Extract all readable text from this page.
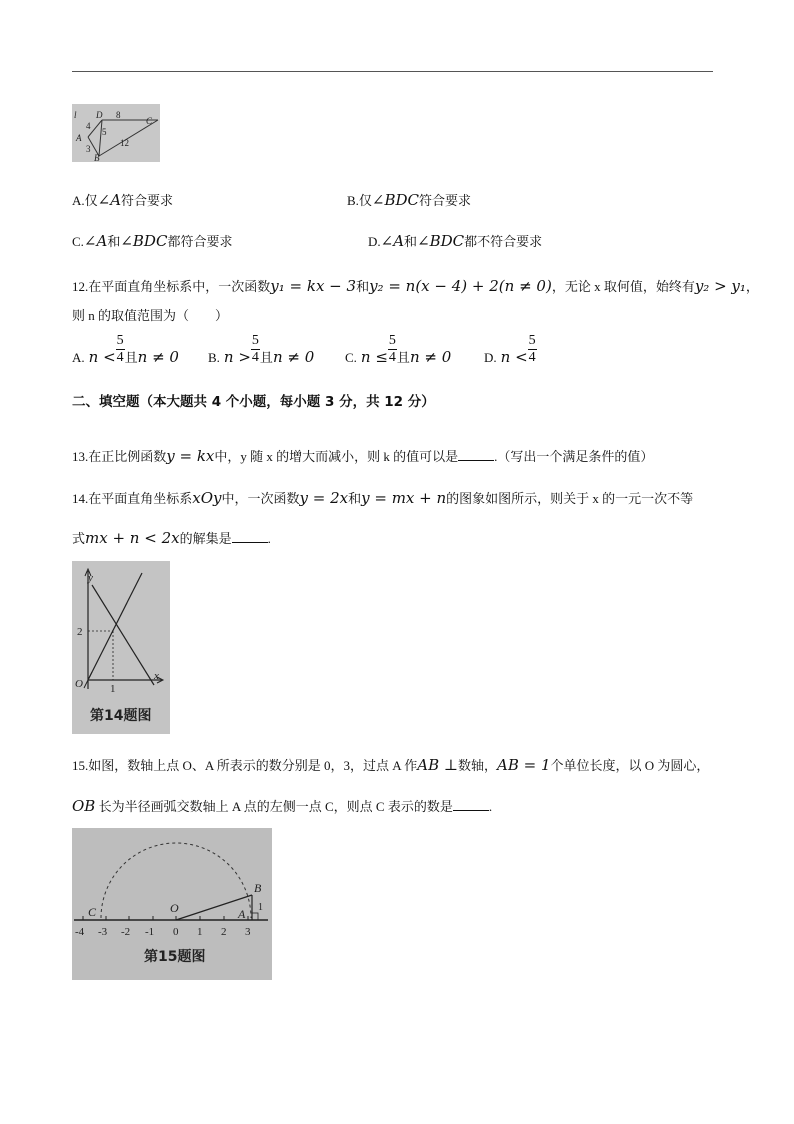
l D 8
C
4
5
A	12
3
B
A.仅∠A符合要求	B.仅∠BDC符合要求
C.∠A和∠BDC都符合要求	D.∠A和∠BDC都不符合要求
12.在平面直角坐标系中，一次函数y₁ = kx − 3和y₂ = n(x − 4) + 2(n ≠ 0)，无论 x 取何值，始终有y₂ > y₁，
则 n 的取值范围为（　　）
A. $n < \frac{5}{4}$ 且 n ≠ 0 B. $n > \frac{5}{4}$ 且 n ≠ 0 C. $n \le \frac{5}{4}$ 且 n ≠ 0	D. $n < \frac{5}{4}$
二、填空题（本大题共 4 个小题，每小题 3 分，共 12 分）
13.在正比例函数y = kx中，y 随 x 的增大而减小，则 k 的值可以是	.（写出一个满足条件的值）
14.在平面直角坐标系xOy中，一次函数y = 2x和y = mx + n的图象如图所示，则关于 x 的一元一次不等
式mx + n < 2x的解集是	.
y
x
2
O 1
第14题图
15.如图，数轴上点 O、A 所表示的数分别是 0，3，过点 A 作AB ⊥数轴，AB = 1个单位长度，以 O 为圆心，
OB 长为半径画弧交数轴上 A 点的左侧一点 C，则点 C 表示的数是	.
C	O	A
B
1
-4 -3 -2 -1 0 1 2 3
第15题图
